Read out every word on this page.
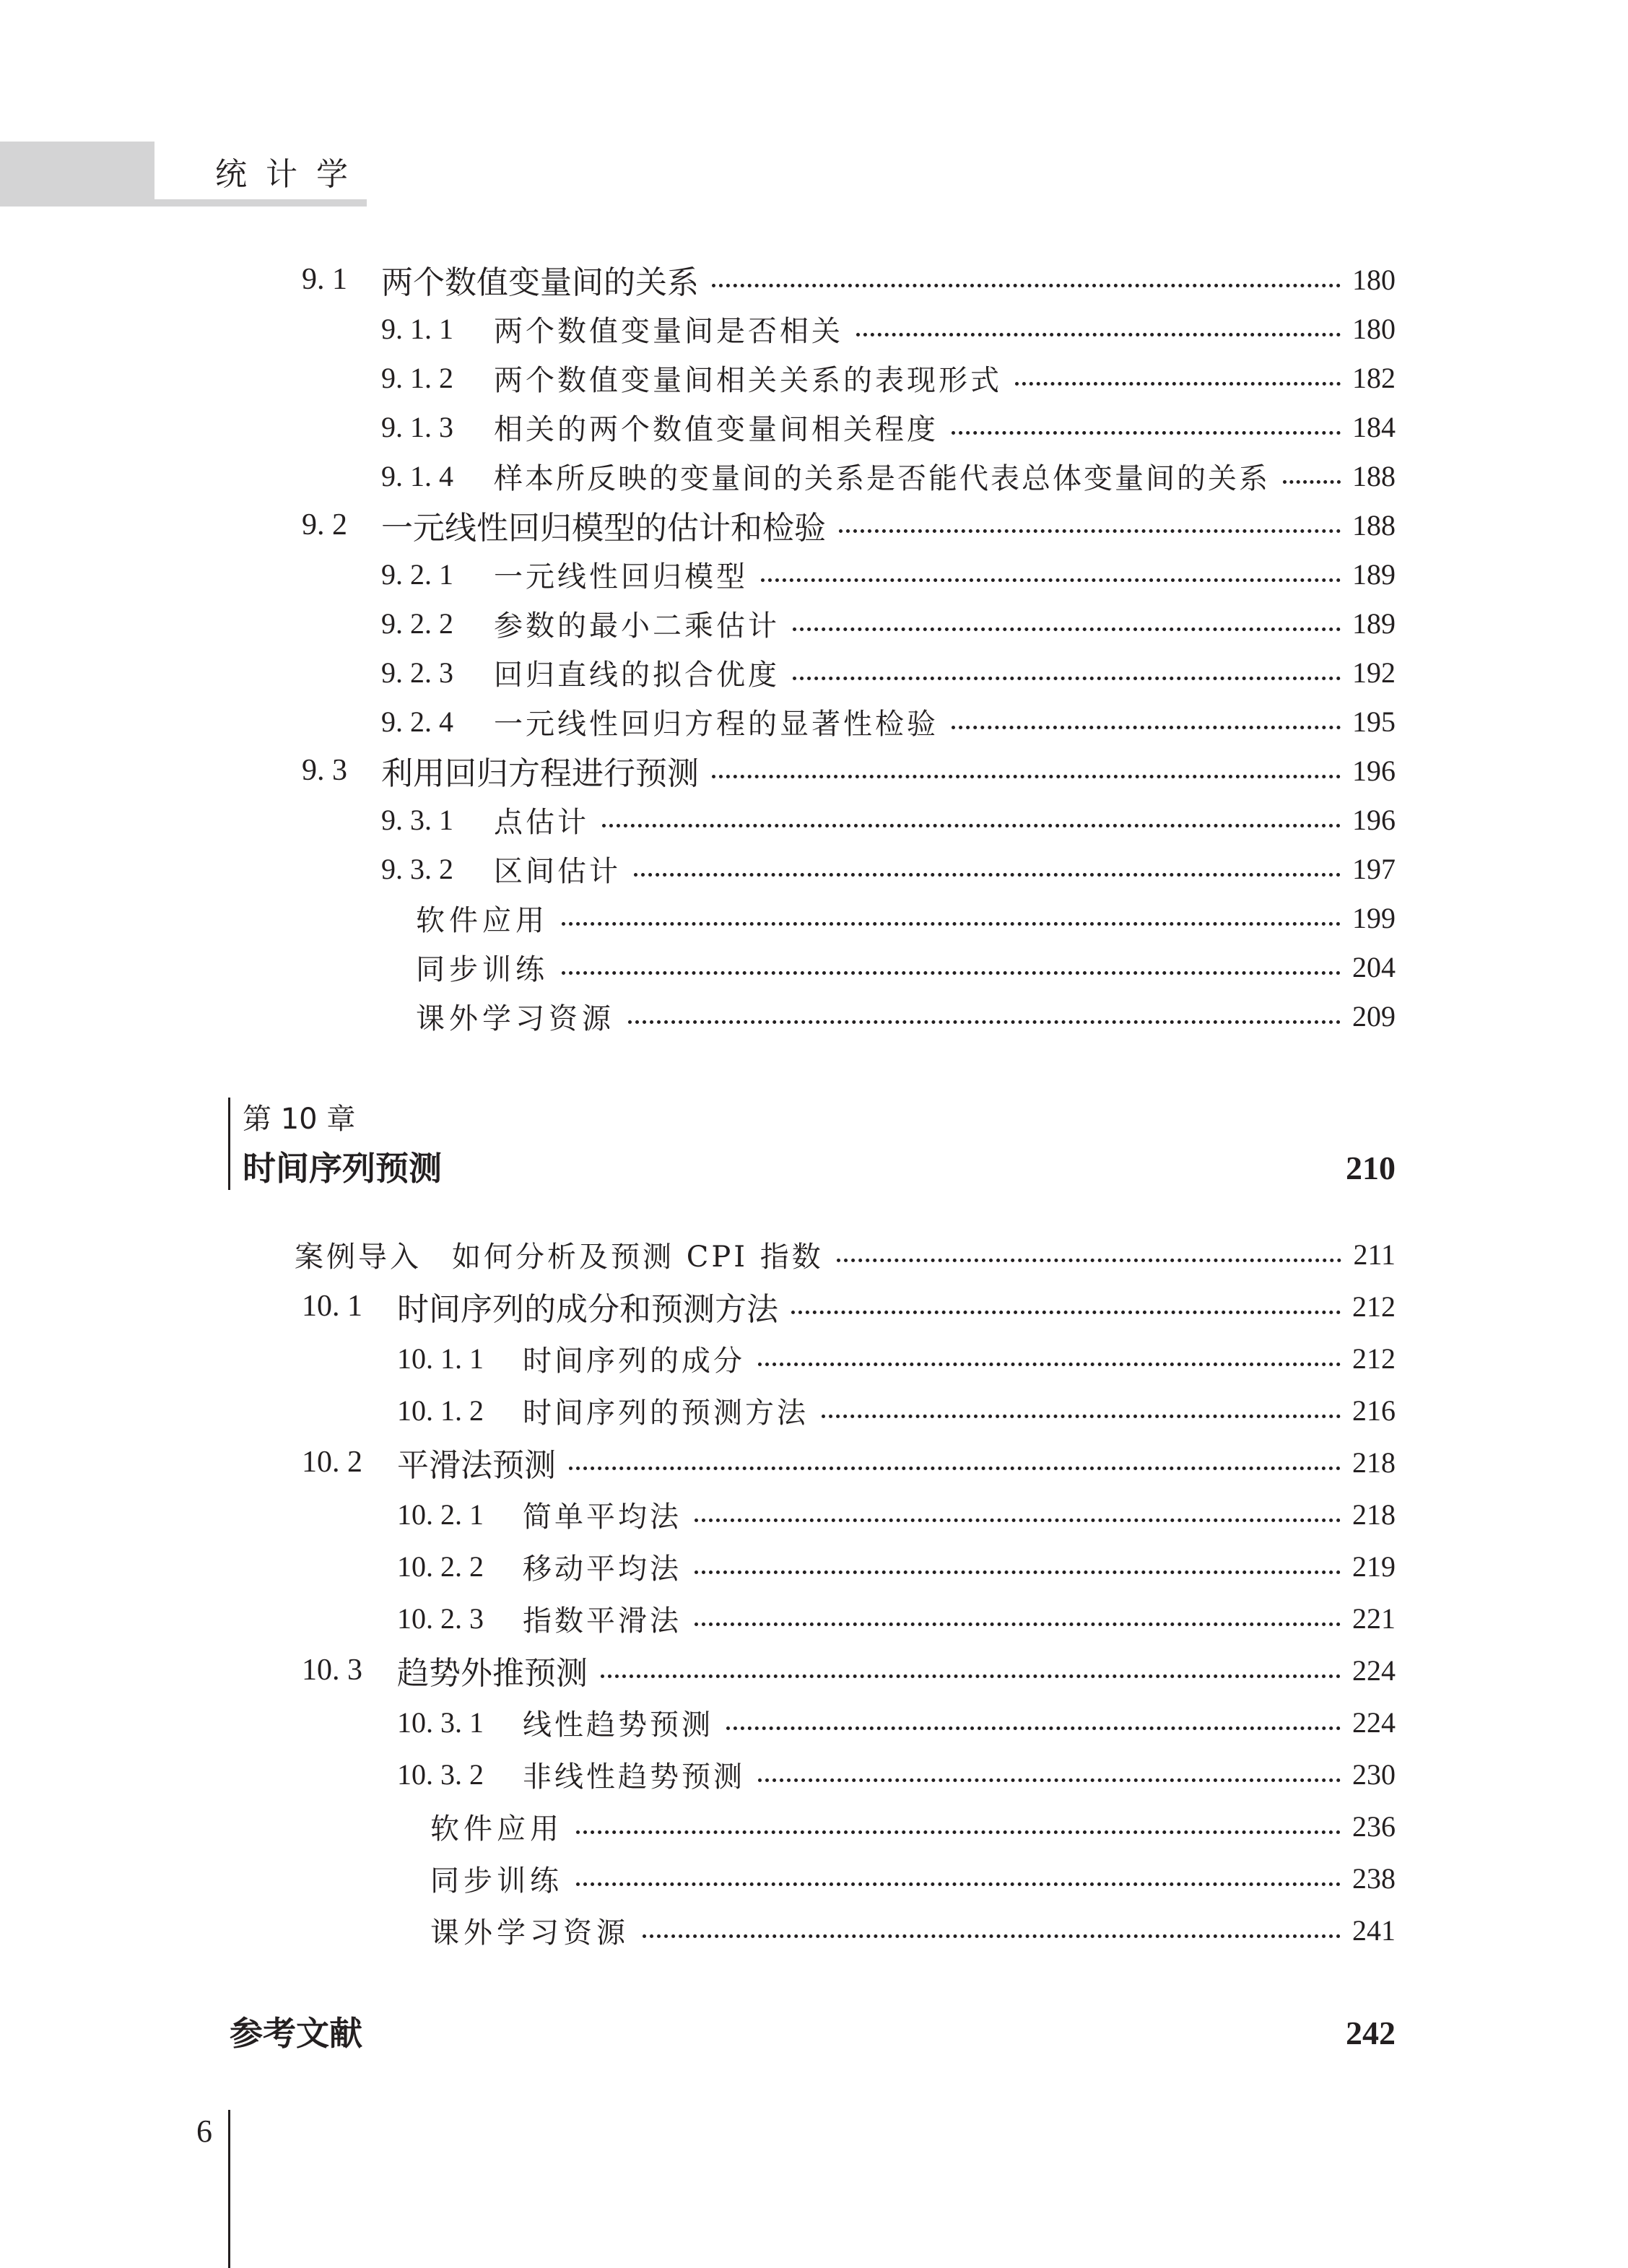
统计学
9. 1	两个数值变量间的关系	180
9. 1. 1	两个数值变量间是否相关	180
9. 1. 2	两个数值变量间相关关系的表现形式	182
9. 1. 3	相关的两个数值变量间相关程度	184
9. 1. 4	样本所反映的变量间的关系是否能代表总体变量间的关系	188
9. 2	一元线性回归模型的估计和检验	188
9. 2. 1	一元线性回归模型	189
9. 2. 2	参数的最小二乘估计	189
9. 2. 3	回归直线的拟合优度	192
9. 2. 4	一元线性回归方程的显著性检验	195
9. 3	利用回归方程进行预测	196
9. 3. 1	点估计	196
9. 3. 2	区间估计	197
软件应用	199
同步训练	204
课外学习资源	209
第 10 章
时间序列预测	210
案例导入	如何分析及预测 CPI 指数	211
10. 1	时间序列的成分和预测方法	212
10. 1. 1	时间序列的成分	212
10. 1. 2	时间序列的预测方法	216
10. 2	平滑法预测	218
10. 2. 1	简单平均法	218
10. 2. 2	移动平均法	219
10. 2. 3	指数平滑法	221
10. 3	趋势外推预测	224
10. 3. 1	线性趋势预测	224
10. 3. 2	非线性趋势预测	230
软件应用	236
同步训练	238
课外学习资源	241
参考文献	242
6
